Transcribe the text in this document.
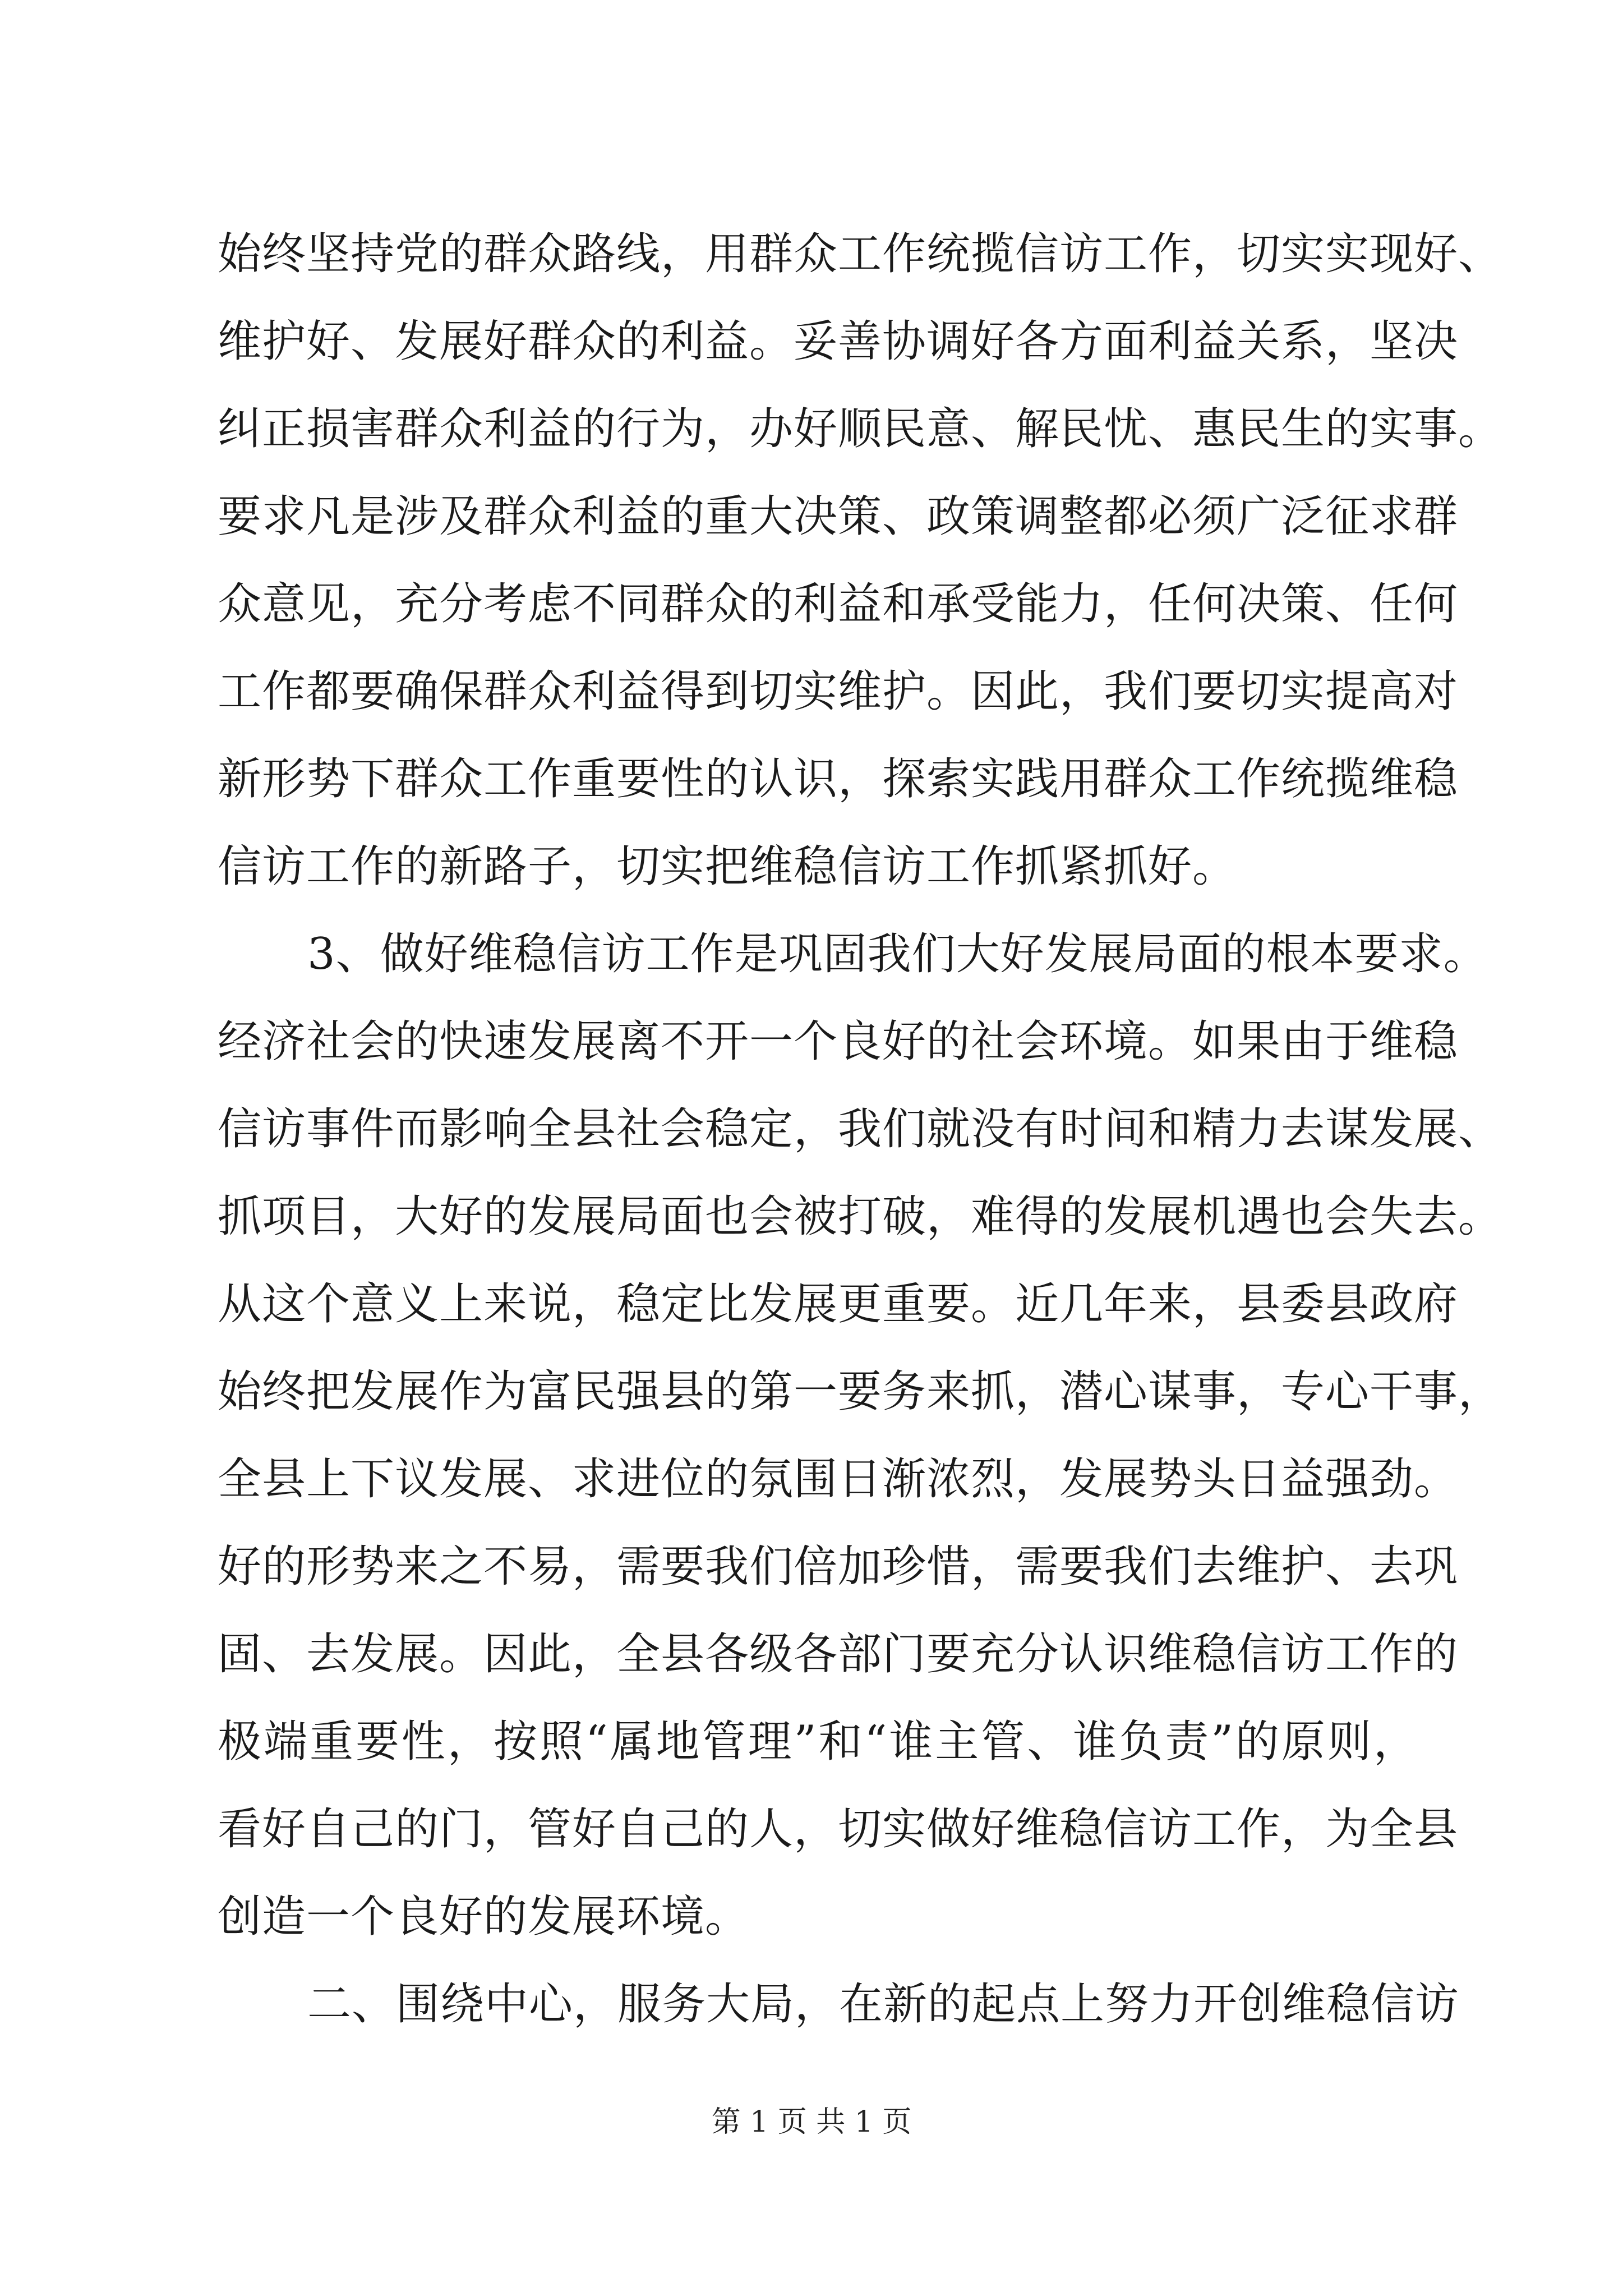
始终坚持党的群众路线，用群众工作统揽信访工作，切实实现好、
维护好、发展好群众的利益。妥善协调好各方面利益关系，坚决
纠正损害群众利益的行为，办好顺民意、解民忧、惠民生的实事。
要求凡是涉及群众利益的重大决策、政策调整都必须广泛征求群
众意见，充分考虑不同群众的利益和承受能力，任何决策、任何
工作都要确保群众利益得到切实维护。因此，我们要切实提高对
新形势下群众工作重要性的认识，探索实践用群众工作统揽维稳
信访工作的新路子，切实把维稳信访工作抓紧抓好。
3、做好维稳信访工作是巩固我们大好发展局面的根本要求。
经济社会的快速发展离不开一个良好的社会环境。如果由于维稳
信访事件而影响全县社会稳定，我们就没有时间和精力去谋发展、
抓项目，大好的发展局面也会被打破，难得的发展机遇也会失去。
从这个意义上来说，稳定比发展更重要。近几年来，县委县政府
始终把发展作为富民强县的第一要务来抓，潜心谋事，专心干事，
全县上下议发展、求进位的氛围日渐浓烈，发展势头日益强劲。
好的形势来之不易，需要我们倍加珍惜，需要我们去维护、去巩
固、去发展。因此，全县各级各部门要充分认识维稳信访工作的
极端重要性，按照“属地管理”和“谁主管、谁负责”的原则，
看好自己的门，管好自己的人，切实做好维稳信访工作，为全县
创造一个良好的发展环境。
二、围绕中心，服务大局，在新的起点上努力开创维稳信访
第 1 页 共 1 页
